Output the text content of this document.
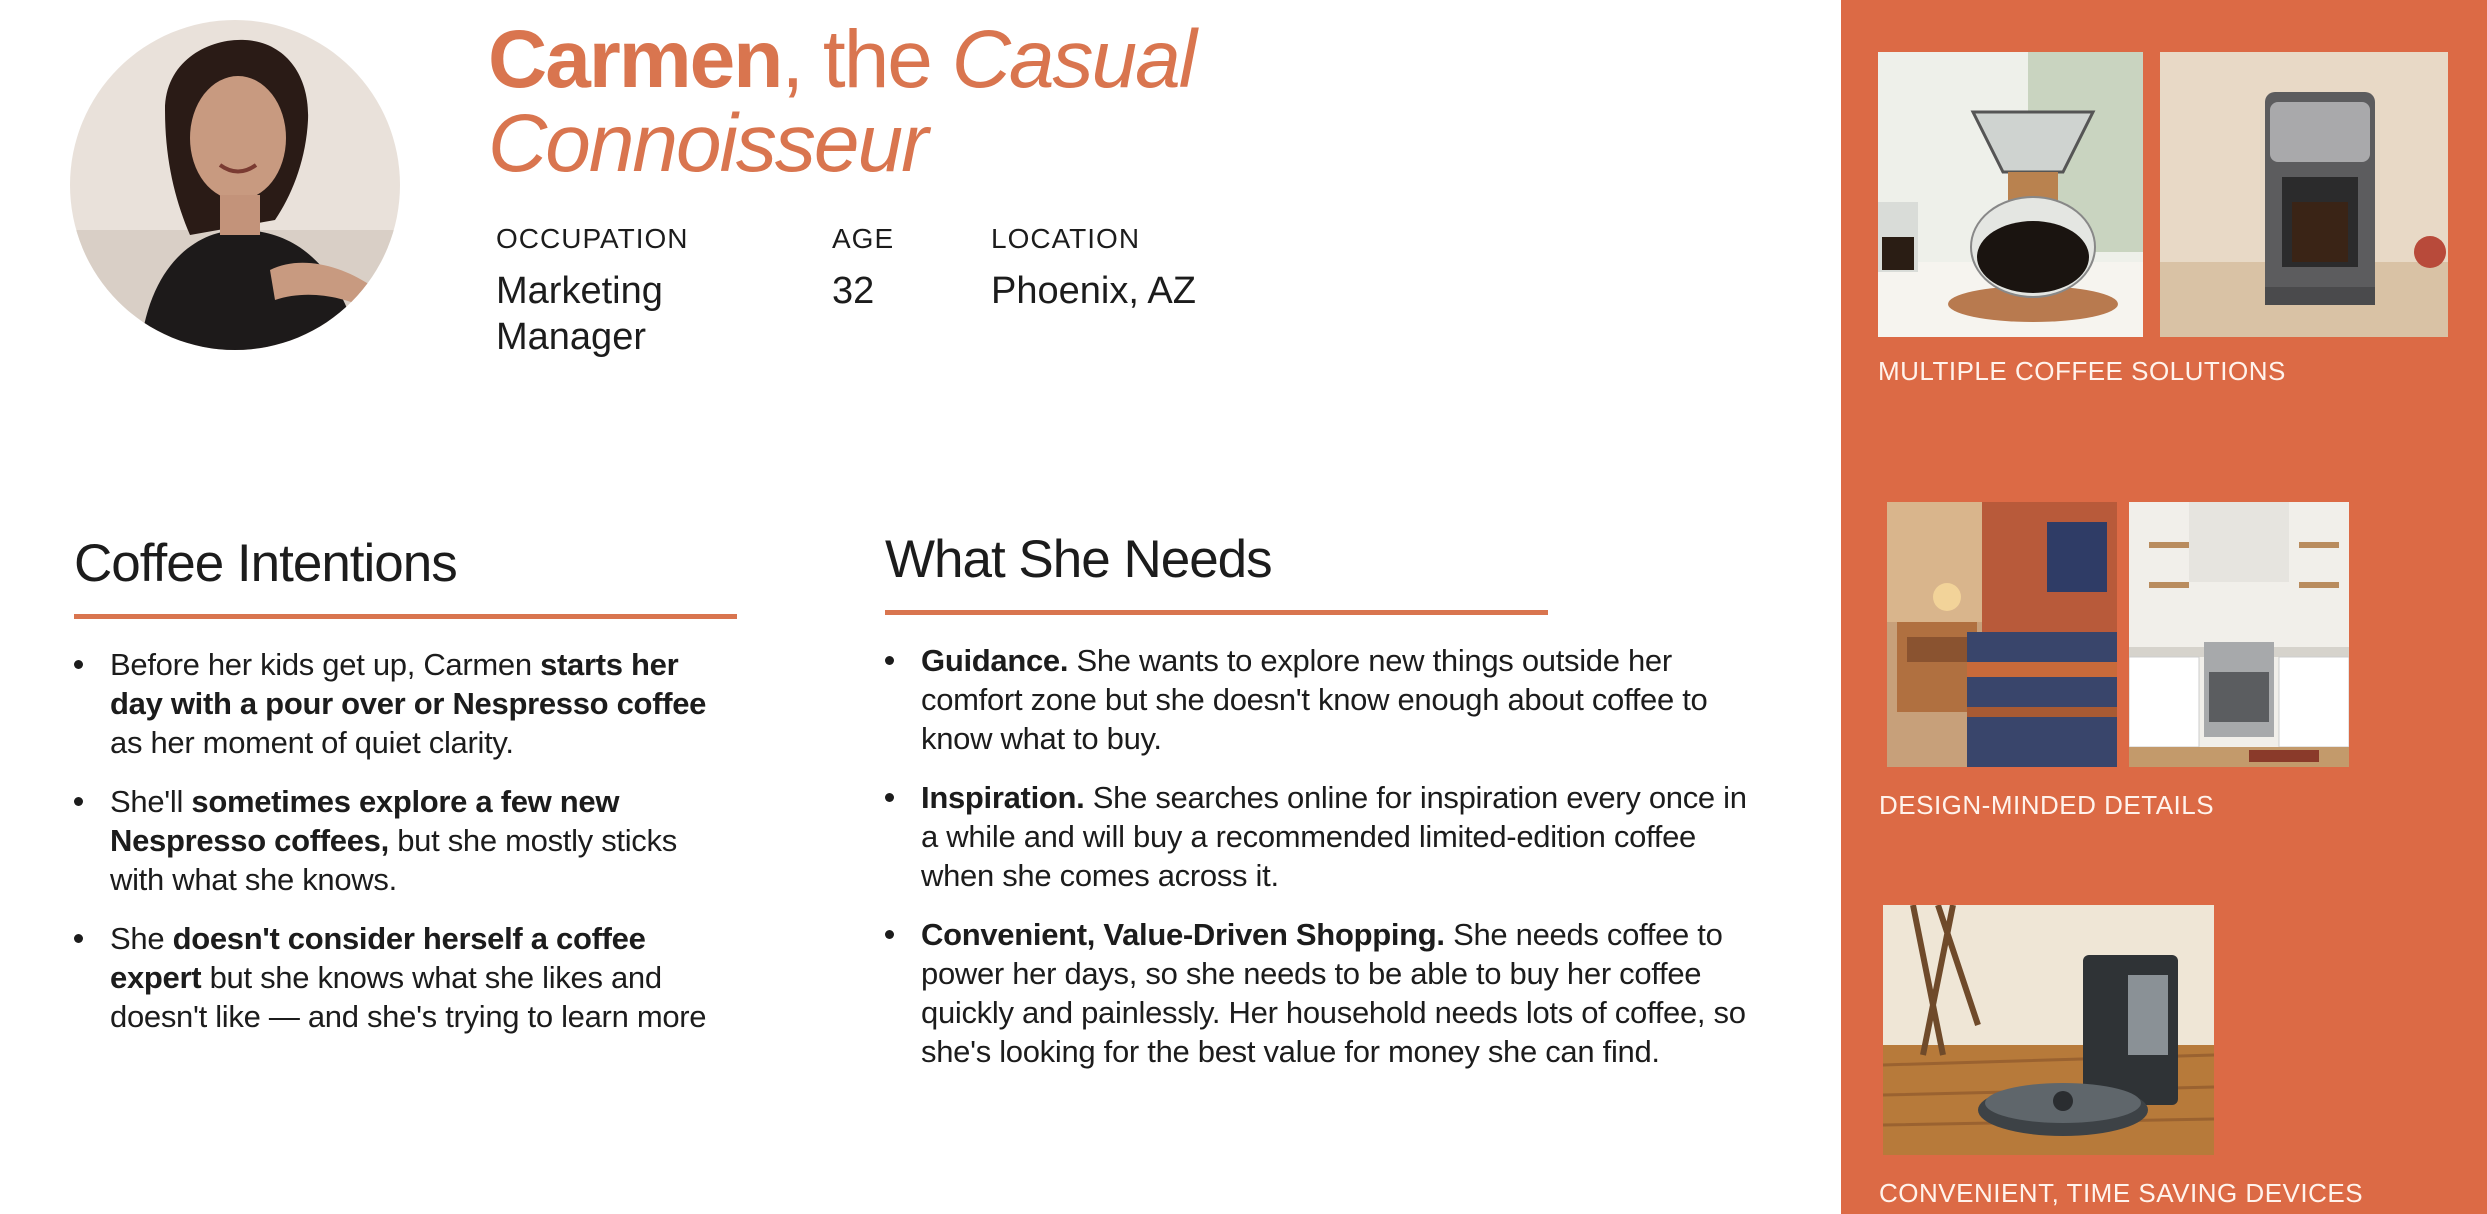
Carmen, the Casual
Connoisseur
OCCUPATION
Marketing
Manager
AGE
32
LOCATION
Phoenix, AZ
Coffee Intentions
Before her kids get up, Carmen starts her day with a pour over or Nespresso coffee as her moment of quiet clarity.
She'll sometimes explore a few new Nespresso coffees, but she mostly sticks with what she knows.
She doesn't consider herself a coffee expert but she knows what she likes and doesn't like — and she's trying to learn more
What She Needs
Guidance. She wants to explore new things outside her comfort zone but she doesn't know enough about coffee to know what to buy.
Inspiration. She searches online for inspiration every once in a while and will buy a recommended limited-edition coffee when she comes across it.
Convenient, Value-Driven Shopping. She needs coffee to power her days, so she needs to be able to buy her coffee quickly and painlessly. Her household needs lots of coffee, so she's looking for the best value for money she can find.
MULTIPLE COFFEE SOLUTIONS
DESIGN-MINDED DETAILS
CONVENIENT, TIME SAVING DEVICES
